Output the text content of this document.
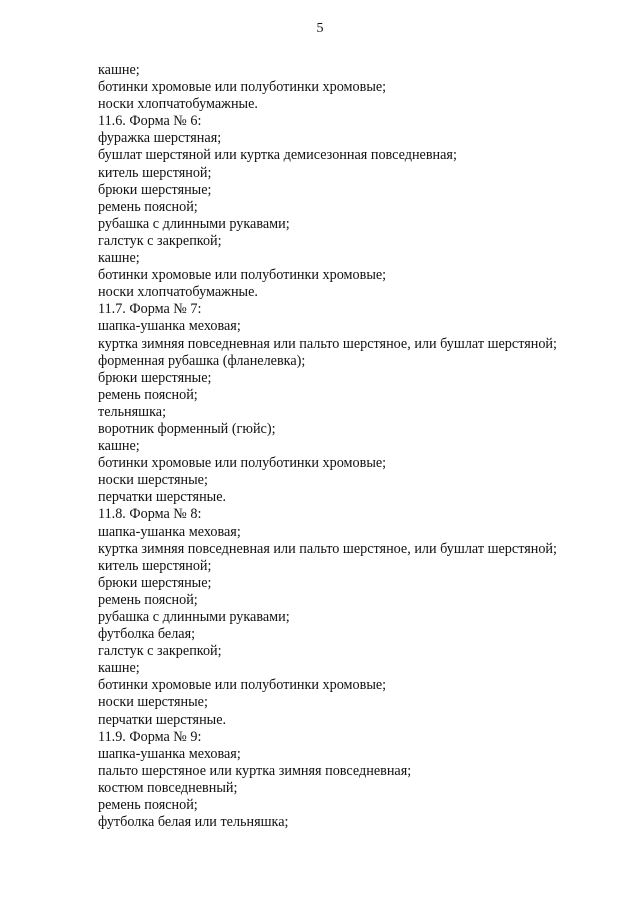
5
кашне;
ботинки хромовые или полуботинки хромовые;
носки хлопчатобумажные.
11.6. Форма № 6:
фуражка шерстяная;
бушлат шерстяной или куртка демисезонная повседневная;
китель шерстяной;
брюки шерстяные;
ремень поясной;
рубашка с длинными рукавами;
галстук с закрепкой;
кашне;
ботинки хромовые или полуботинки хромовые;
носки хлопчатобумажные.
11.7. Форма № 7:
шапка-ушанка меховая;
куртка зимняя повседневная или пальто шерстяное, или бушлат шерстяной;
форменная рубашка (фланелевка);
брюки шерстяные;
ремень поясной;
тельняшка;
воротник форменный (гюйс);
кашне;
ботинки хромовые или полуботинки хромовые;
носки шерстяные;
перчатки шерстяные.
11.8. Форма № 8:
шапка-ушанка меховая;
куртка зимняя повседневная или пальто шерстяное, или бушлат шерстяной;
китель шерстяной;
брюки шерстяные;
ремень поясной;
рубашка с длинными рукавами;
футболка белая;
галстук с закрепкой;
кашне;
ботинки хромовые или полуботинки хромовые;
носки шерстяные;
перчатки шерстяные.
11.9. Форма № 9:
шапка-ушанка меховая;
пальто шерстяное или куртка зимняя повседневная;
костюм повседневный;
ремень поясной;
футболка белая или тельняшка;
